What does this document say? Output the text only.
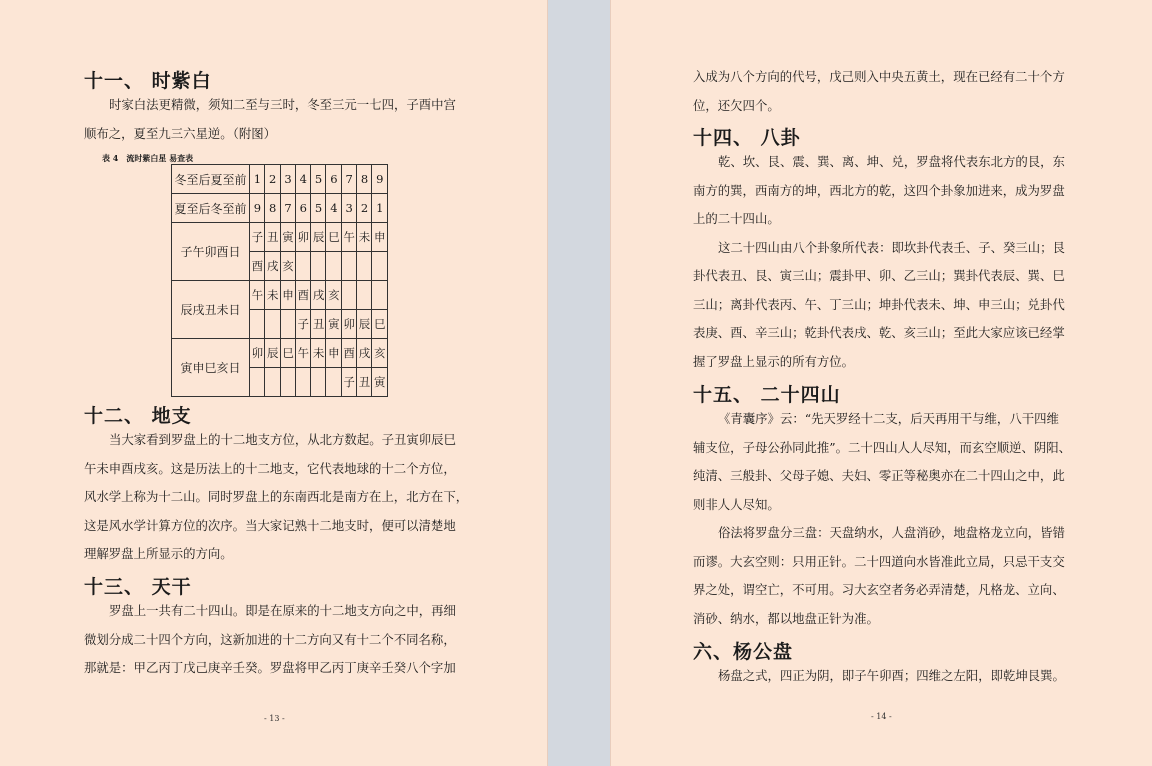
十一、 时紫白
时家白法更精微，须知二至与三时，冬至三元一七四，子酉中宫
顺布之，夏至九三六星逆。（附图）
表 4　流时紫白星 易查表
冬至后夏至前	1	2	3	4	5	6	7	8	9
夏至后冬至前	9	8	7	6	5	4	3	2	1
子午卯酉日	子	丑	寅	卯	辰	巳	午	未	申
	酉	戌	亥						
辰戌丑未日	午	未	申	酉	戌	亥			
				子	丑	寅	卯	辰	巳
寅申巳亥日	卯	辰	巳	午	未	申	酉	戌	亥
							子	丑	寅
十二、 地支
当大家看到罗盘上的十二地支方位，从北方数起。子丑寅卯辰巳
午未申酉戌亥。这是历法上的十二地支，它代表地球的十二个方位，
风水学上称为十二山。同时罗盘上的东南西北是南方在上，北方在下，
这是风水学计算方位的次序。当大家记熟十二地支时，便可以清楚地
理解罗盘上所显示的方向。
十三、 天干
罗盘上一共有二十四山。即是在原来的十二地支方向之中，再细
微划分成二十四个方向，这新加进的十二方向又有十二个不同名称，
那就是：甲乙丙丁戊己庚辛壬癸。罗盘将甲乙丙丁庚辛壬癸八个字加
- 13 -
入成为八个方向的代号，戊己则入中央五黄土，现在已经有二十个方
位，还欠四个。
十四、 八卦
乾、坎、艮、震、巽、离、坤、兑，罗盘将代表东北方的艮，东
南方的巽，西南方的坤，西北方的乾，这四个卦象加进来，成为罗盘
上的二十四山。
这二十四山由八个卦象所代表：即坎卦代表壬、子、癸三山；艮
卦代表丑、艮、寅三山；震卦甲、卯、乙三山；巽卦代表辰、巽、巳
三山；离卦代表丙、午、丁三山；坤卦代表未、坤、申三山；兑卦代
表庚、酉、辛三山；乾卦代表戌、乾、亥三山；至此大家应该已经掌
握了罗盘上显示的所有方位。
十五、 二十四山
《青囊序》云：“先天罗经十二支，后天再用干与维，八干四维
辅支位，子母公孙同此推”。二十四山人人尽知，而玄空顺逆、阴阳、
纯清、三般卦、父母子媳、夫妇、零正等秘奥亦在二十四山之中，此
则非人人尽知。
俗法将罗盘分三盘：天盘纳水，人盘消砂，地盘格龙立向，皆错
而谬。大玄空则：只用正针。二十四道向水皆准此立局，只忌干支交
界之处，谓空亡，不可用。习大玄空者务必弄清楚，凡格龙、立向、
消砂、纳水，都以地盘正针为准。
六、杨公盘
杨盘之式，四正为阴，即子午卯酉；四维之左阳，即乾坤艮巽。
- 14 -
